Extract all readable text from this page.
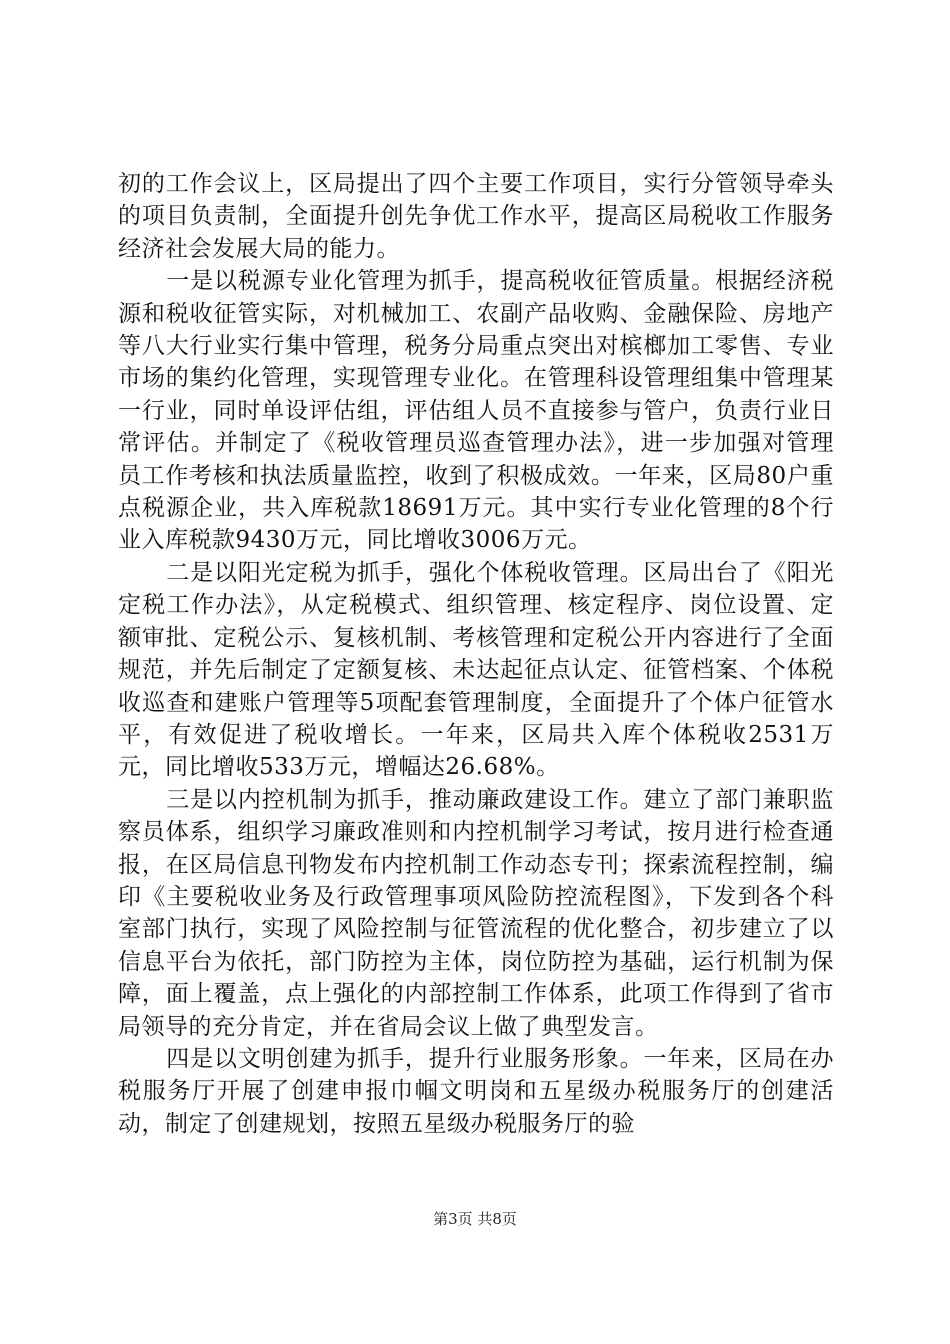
初的工作会议上，区局提出了四个主要工作项目，实行分管领导牵头的项目负责制，全面提升创先争优工作水平，提高区局税收工作服务经济社会发展大局的能力。

一是以税源专业化管理为抓手，提高税收征管质量。根据经济税源和税收征管实际，对机械加工、农副产品收购、金融保险、房地产等八大行业实行集中管理，税务分局重点突出对槟榔加工零售、专业市场的集约化管理，实现管理专业化。在管理科设管理组集中管理某一行业，同时单设评估组，评估组人员不直接参与管户，负责行业日常评估。并制定了《税收管理员巡查管理办法》，进一步加强对管理员工作考核和执法质量监控，收到了积极成效。一年来，区局80户重点税源企业，共入库税款18691万元。其中实行专业化管理的8个行业入库税款9430万元，同比增收3006万元。

二是以阳光定税为抓手，强化个体税收管理。区局出台了《阳光定税工作办法》，从定税模式、组织管理、核定程序、岗位设置、定额审批、定税公示、复核机制、考核管理和定税公开内容进行了全面规范，并先后制定了定额复核、未达起征点认定、征管档案、个体税收巡查和建账户管理等5项配套管理制度，全面提升了个体户征管水平，有效促进了税收增长。一年来，区局共入库个体税收2531万元，同比增收533万元，增幅达26.68%。

三是以内控机制为抓手，推动廉政建设工作。建立了部门兼职监察员体系，组织学习廉政准则和内控机制学习考试，按月进行检查通报，在区局信息刊物发布内控机制工作动态专刊；探索流程控制，编印《主要税收业务及行政管理事项风险防控流程图》，下发到各个科室部门执行，实现了风险控制与征管流程的优化整合，初步建立了以信息平台为依托，部门防控为主体，岗位防控为基础，运行机制为保障，面上覆盖，点上强化的内部控制工作体系，此项工作得到了省市局领导的充分肯定，并在省局会议上做了典型发言。

四是以文明创建为抓手，提升行业服务形象。一年来，区局在办税服务厅开展了创建申报巾帼文明岗和五星级办税服务厅的创建活动，制定了创建规划，按照五星级办税服务厅的验

第3页 共8页
